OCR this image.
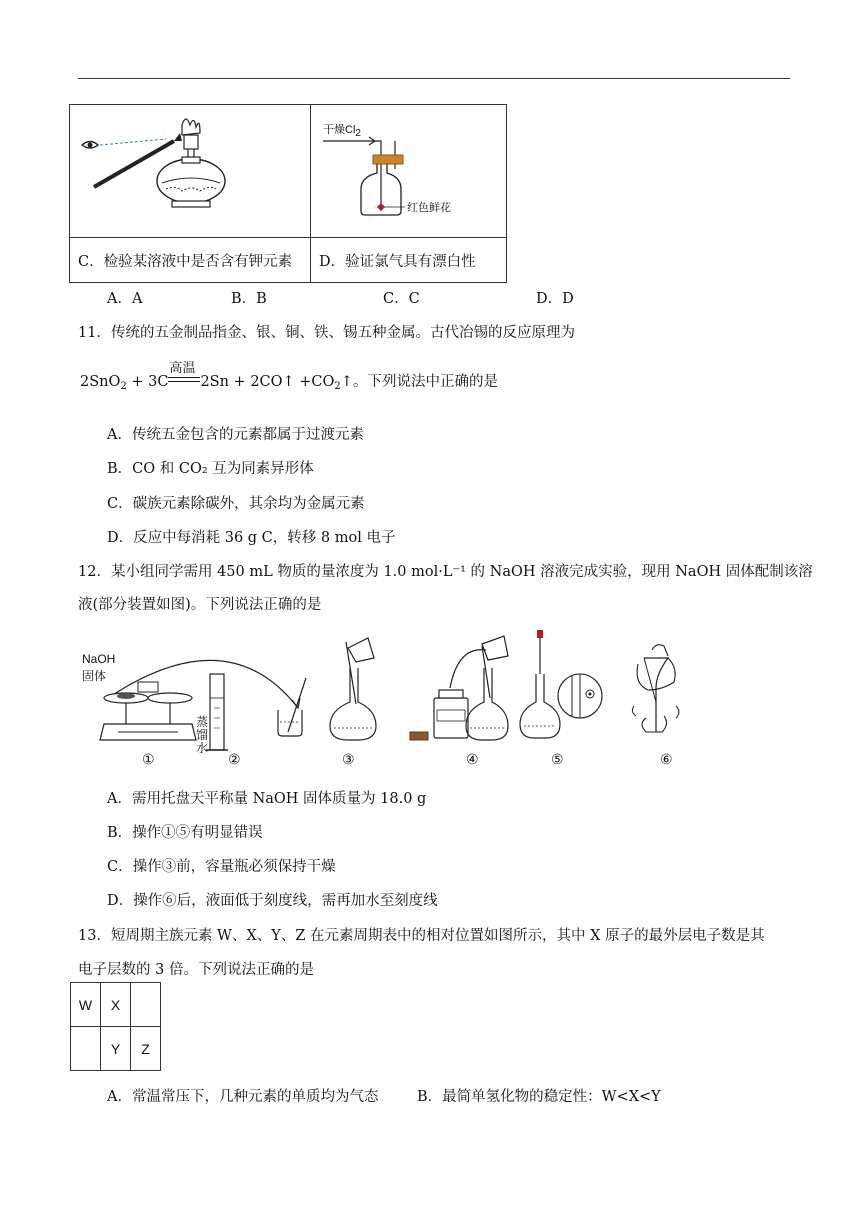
干燥Cl2
红色鲜花

C．检验某溶液中是否含有钾元素	D．验证氯气具有漂白性
A．A	B．B	C．C	D．D
11．传统的五金制品指金、银、铜、铁、锡五种金属。古代冶锡的反应原理为
2SnO$_2$ + 3C
高温
2Sn + 2CO↑ $+CO_2↑$。下列说法中正确的是
A．传统五金包含的元素都属于过渡元素
B．CO 和 CO₂ 互为同素异形体
C．碳族元素除碳外，其余均为金属元素
D．反应中每消耗 36 g C，转移 8 mol 电子
12．某小组同学需用 450 mL 物质的量浓度为 1.0 mol·L⁻¹ 的 NaOH 溶液完成实验，现用 NaOH 固体配制该溶
液(部分装置如图)。下列说法正确的是
NaOH
固体
蒸馏水
①	②	③	④	⑤	⑥
A．需用托盘天平称量 NaOH 固体质量为 18.0 g
B．操作①⑤有明显错误
C．操作③前，容量瓶必须保持干燥
D．操作⑥后，液面低于刻度线，需再加水至刻度线
13．短周期主族元素 W、X、Y、Z 在元素周期表中的相对位置如图所示，其中 X 原子的最外层电子数是其
电子层数的 3 倍。下列说法正确的是
W	X	
	Y	Z
A．常温常压下，几种元素的单质均为气态	B．最简单氢化物的稳定性：W<X<Y
